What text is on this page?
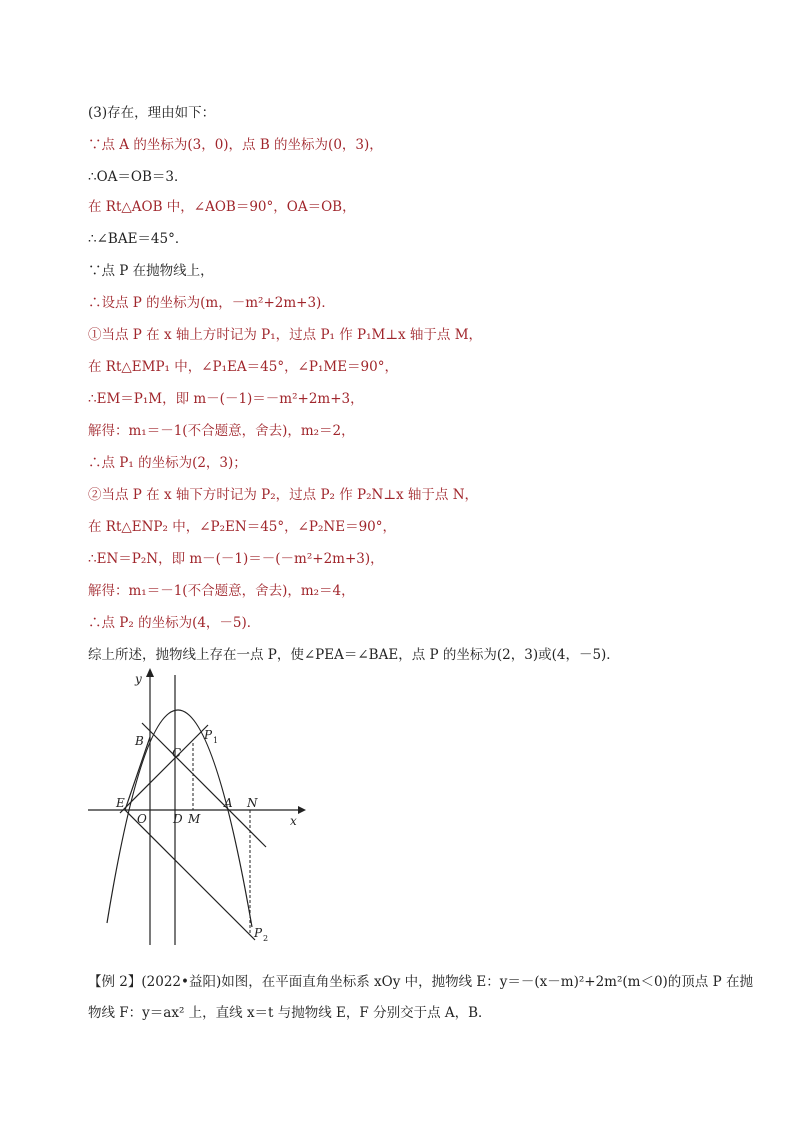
(3)存在，理由如下：
∵点 A 的坐标为(3，0)，点 B 的坐标为(0，3)，
∴OA＝OB＝3．
在 Rt△AOB 中，∠AOB＝90°，OA＝OB，
∴∠BAE＝45°．
∵点 P 在抛物线上，
∴设点 P 的坐标为(m，－m²+2m+3)．
①当点 P 在 x 轴上方时记为 P₁，过点 P₁ 作 P₁M⊥x 轴于点 M，
在 Rt△EMP₁ 中，∠P₁EA＝45°，∠P₁ME＝90°，
∴EM＝P₁M，即 m－(－1)＝－m²+2m+3，
解得：m₁＝－1(不合题意，舍去)，m₂＝2，
∴点 P₁ 的坐标为(2，3)；
②当点 P 在 x 轴下方时记为 P₂，过点 P₂ 作 P₂N⊥x 轴于点 N，
在 Rt△ENP₂ 中，∠P₂EN＝45°，∠P₂NE＝90°，
∴EN＝P₂N，即 m－(－1)＝－(－m²+2m+3)，
解得：m₁＝－1(不合题意，舍去)，m₂＝4，
∴点 P₂ 的坐标为(4，－5)．
综上所述，抛物线上存在一点 P，使∠PEA＝∠BAE，点 P 的坐标为(2，3)或(4，－5)．
y
x
B
C
P 1
E
O D M
A N
P 2
【例 2】(2022•益阳)如图，在平面直角坐标系 xOy 中，抛物线 E：y＝－(x－m)²+2m²(m＜0)的顶点 P 在抛
物线 F：y＝ax² 上，直线 x＝t 与抛物线 E，F 分别交于点 A，B．
